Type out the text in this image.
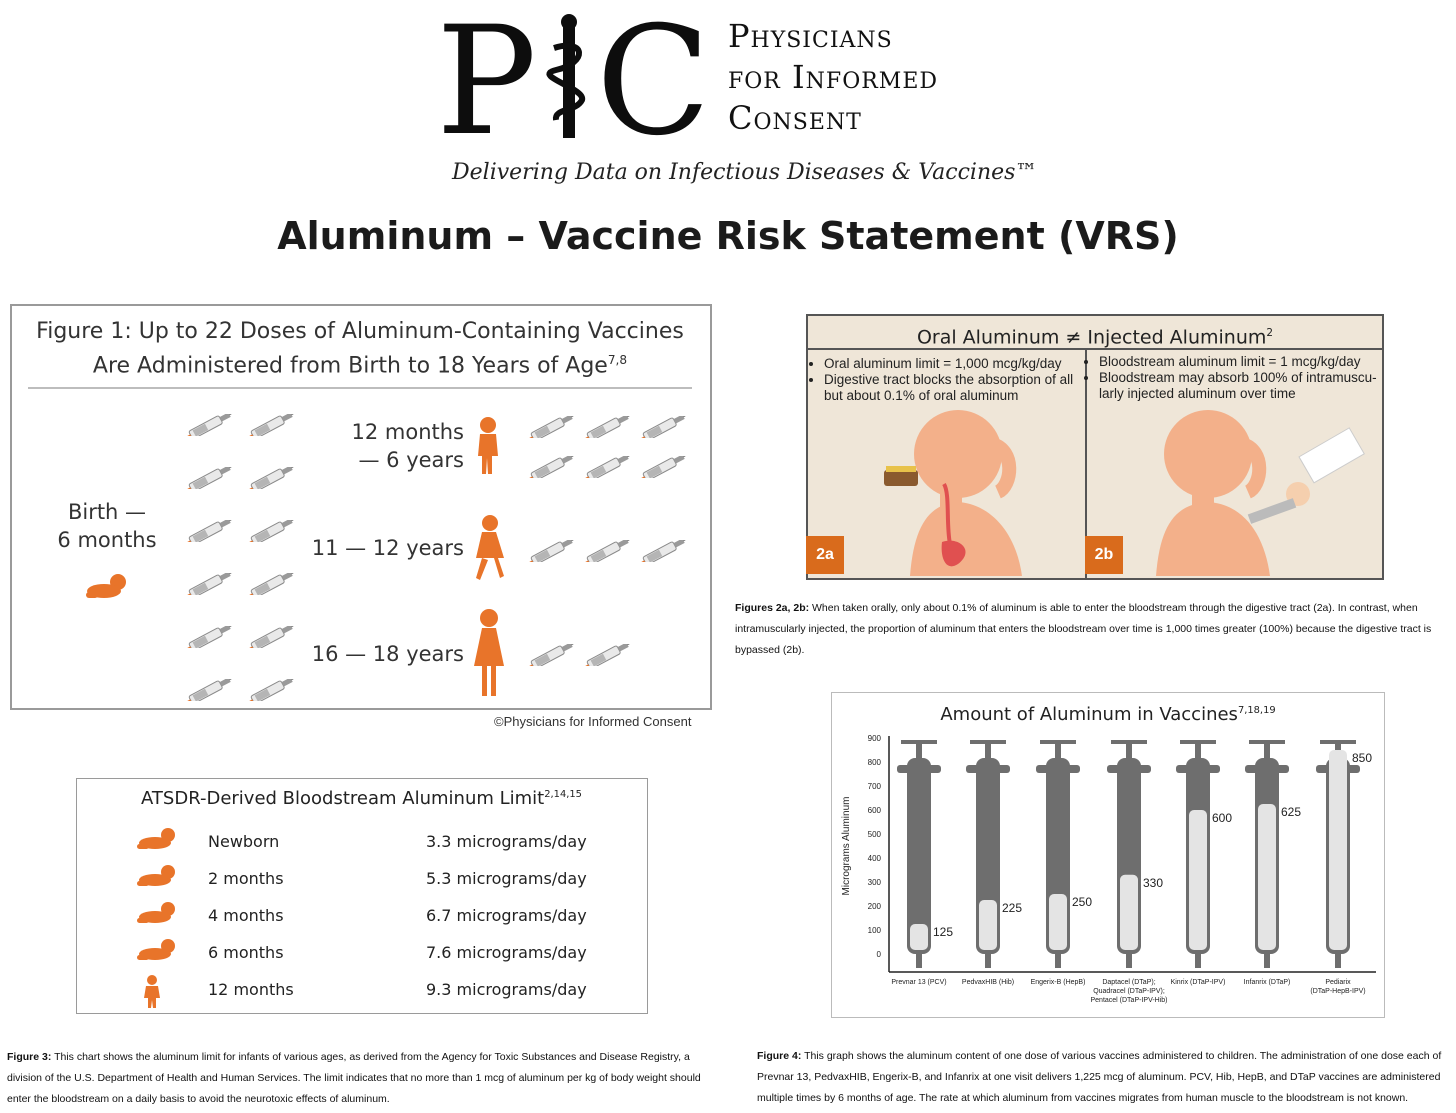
P C Physicians
for Informed
Consent
Delivering Data on Infectious Diseases & Vaccines™
Aluminum – Vaccine Risk Statement (VRS)
Figure 1: Up to 22 Doses of Aluminum-Containing Vaccines
Are Administered from Birth to 18 Years of Age$^{7,8}$
Birth —
6 months
12 months
— 6 years
11 — 12 years
16 — 18 years
©Physicians for Informed Consent
Oral Aluminum ≠ Injected Aluminum$^2$
• Oral aluminum limit = 1,000 mcg/kg/day
• Digestive tract blocks the absorption of all but about 0.1% of oral aluminum
• Bloodstream aluminum limit = 1 mcg/kg/day
• Bloodstream may absorb 100% of intramuscu-larly injected aluminum over time
2a	2b
Figures 2a, 2b: When taken orally, only about 0.1% of aluminum is able to enter the bloodstream through the digestive tract (2a). In contrast, when intramuscularly injected, the proportion of aluminum that enters the bloodstream over time is 1,000 times greater (100%) because the digestive tract is bypassed (2b).
ATSDR-Derived Bloodstream Aluminum Limit$^{2,14,15}$
Newborn	3.3 micrograms/day
2 months	5.3 micrograms/day
4 months	6.7 micrograms/day
6 months	7.6 micrograms/day
12 months	9.3 micrograms/day
Figure 3: This chart shows the aluminum limit for infants of various ages, as derived from the Agency for Toxic Substances and Disease Registry, a division of the U.S. Department of Health and Human Services. The limit indicates that no more than 1 mcg of aluminum per kg of body weight should enter the bloodstream on a daily basis to avoid the neurotoxic effects of aluminum.
Amount of Aluminum in Vaccines$^{7,18,19}$
0
100
200
300
400
500
600
700
800
900
Micrograms Aluminum
125
Prevnar 13 (PCV)
225
PedvaxHIB (Hib)
250
Engerix-B (HepB)
330
Daptacel (DTaP);
Quadracel (DTaP-IPV);
Pentacel (DTaP-IPV-Hib)
600
Kinrix (DTaP-IPV)
625
Infanrix (DTaP)
850
Pediarix
(DTaP-HepB-IPV)
Figure 4: This graph shows the aluminum content of one dose of various vaccines administered to children. The administration of one dose each of Prevnar 13, PedvaxHIB, Engerix-B, and Infanrix at one visit delivers 1,225 mcg of aluminum. PCV, Hib, HepB, and DTaP vaccines are administered multiple times by 6 months of age. The rate at which aluminum from vaccines migrates from human muscle to the bloodstream is not known.
